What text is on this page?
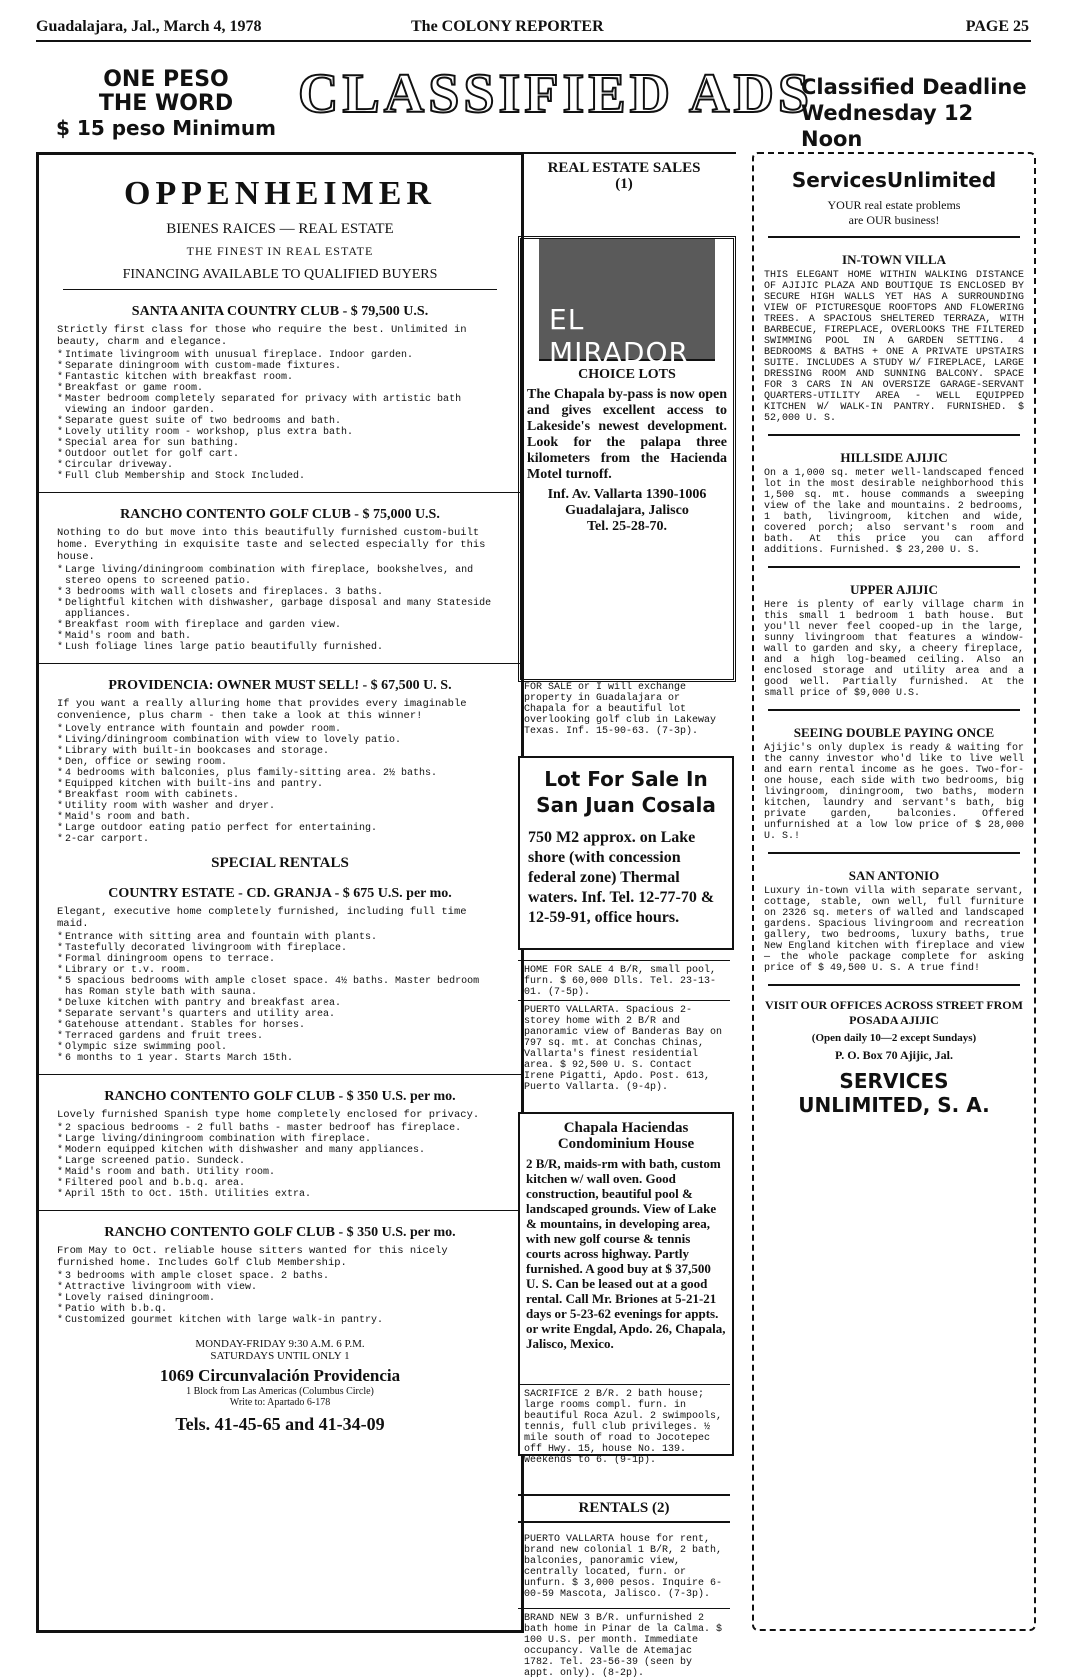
Guadalajara, Jal., March 4, 1978	The COLONY REPORTER	PAGE 25
ONE PESO
THE WORD
$ 15 peso Minimum
CLASSIFIED ADS
Classified Deadline
Wednesday 12 Noon
OPPENHEIMER
BIENES RAICES — REAL ESTATE
THE FINEST IN REAL ESTATE
FINANCING AVAILABLE TO QUALIFIED BUYERS
SANTA ANITA COUNTRY CLUB - $ 79,500 U.S.
Strictly first class for those who require the best. Unlimited in beauty, charm and elegance.
* Intimate livingroom with unusual fireplace. Indoor garden.
* Separate diningroom with custom-made fixtures.
* Fantastic kitchen with breakfast room.
* Breakfast or game room.
* Master bedroom completely separated for privacy with artistic bath viewing an indoor garden.
* Separate guest suite of two bedrooms and bath.
* Lovely utility room - workshop, plus extra bath.
* Special area for sun bathing.
* Outdoor outlet for golf cart.
* Circular driveway.
* Full Club Membership and Stock Included.
RANCHO CONTENTO GOLF CLUB - $ 75,000 U.S.
Nothing to do but move into this beautifully furnished custom-built home. Everything in exquisite taste and selected especially for this house.
* Large living/diningroom combination with fireplace, bookshelves, and stereo opens to screened patio.
* 3 bedrooms with wall closets and fireplaces. 3 baths.
* Delightful kitchen with dishwasher, garbage disposal and many Stateside appliances.
* Breakfast room with fireplace and garden view.
* Maid's room and bath.
* Lush foliage lines large patio beautifully furnished.
PROVIDENCIA: OWNER MUST SELL! - $ 67,500 U. S.
If you want a really alluring home that provides every imaginable convenience, plus charm - then take a look at this winner!
* Lovely entrance with fountain and powder room.
* Living/diningroom combination with view to lovely patio.
* Library with built-in bookcases and storage.
* Den, office or sewing room.
* 4 bedrooms with balconies, plus family-sitting area. 2½ baths.
* Equipped kitchen with built-ins and pantry.
* Breakfast room with cabinets.
* Utility room with washer and dryer.
* Maid's room and bath.
* Large outdoor eating patio perfect for entertaining.
* 2-car carport.
SPECIAL RENTALS
COUNTRY ESTATE - CD. GRANJA - $ 675 U.S. per mo.
Elegant, executive home completely furnished, including full time maid.
* Entrance with sitting area and fountain with plants.
* Tastefully decorated livingroom with fireplace.
* Formal diningroom opens to terrace.
* Library or t.v. room.
* 5 spacious bedrooms with ample closet space. 4½ baths. Master bedroom has Roman style bath with sauna.
* Deluxe kitchen with pantry and breakfast area.
* Separate servant's quarters and utility area.
* Gatehouse attendant. Stables for horses.
* Terraced gardens and fruit trees.
* Olympic size swimming pool.
* 6 months to 1 year. Starts March 15th.
RANCHO CONTENTO GOLF CLUB - $ 350 U.S. per mo.
Lovely furnished Spanish type home completely enclosed for privacy.
* 2 spacious bedrooms - 2 full baths - master bedroof has fireplace.
* Large living/diningroom combination with fireplace.
* Modern equipped kitchen with dishwasher and many appliances.
* Large screened patio. Sundeck.
* Maid's room and bath. Utility room.
* Filtered pool and b.b.q. area.
* April 15th to Oct. 15th. Utilities extra.
RANCHO CONTENTO GOLF CLUB - $ 350 U.S. per mo.
From May to Oct. reliable house sitters wanted for this nicely furnished home. Includes Golf Club Membership.
* 3 bedrooms with ample closet space. 2 baths.
* Attractive livingroom with view.
* Lovely raised diningroom.
* Patio with b.b.q.
* Customized gourmet kitchen with large walk-in pantry.
MONDAY-FRIDAY 9:30 A.M. 6 P.M.
SATURDAYS UNTIL ONLY 1
1069 Circunvalación Providencia
1 Block from Las Americas (Columbus Circle)
Write to: Apartado 6-178
Tels. 41-45-65 and 41-34-09
REAL ESTATE SALES
(1)
EL MIRADOR
CHOICE LOTS
The Chapala by-pass is now open and gives excellent access to Lakeside's newest development. Look for the palapa three kilometers from the Hacienda Motel turnoff.
Inf. Av. Vallarta 1390-1006
Guadalajara, Jalisco
Tel. 25-28-70.
FOR SALE or I will exchange property in Guadalajara or Chapala for a beautiful lot overlooking golf club in Lakeway Texas. Inf. 15-90-63. (7-3p).
Lot For Sale In
San Juan Cosala
750 M2 approx. on Lake shore (with concession federal zone) Thermal waters. Inf. Tel. 12-77-70 & 12-59-91, office hours.
HOME FOR SALE 4 B/R, small pool, furn. $ 60,000 Dlls. Tel. 23-13-01. (7-5p).
PUERTO VALLARTA. Spacious 2-storey home with 2 B/R and panoramic view of Banderas Bay on 797 sq. mt. at Conchas Chinas, Vallarta's finest residential area. $ 92,500 U. S. Contact Irene Pigatti, Apdo. Post. 613, Puerto Vallarta. (9-4p).
Chapala Haciendas
Condominium House
2 B/R, maids-rm with bath, custom kitchen w/ wall oven. Good construction, beautiful pool & landscaped grounds. View of Lake & mountains, in developing area, with new golf course & tennis courts across highway. Partly furnished. A good buy at $ 37,500 U. S. Can be leased out at a good rental. Call Mr. Briones at 5-21-21 days or 5-23-62 evenings for appts. or write Engdal, Apdo. 26, Chapala, Jalisco, Mexico.
SACRIFICE 2 B/R. 2 bath house; large rooms compl. furn. in beautiful Roca Azul. 2 swimpools, tennis, full club privileges. ½ mile south of road to Jocotepec off Hwy. 15, house No. 139. Weekends to 6. (9-1p).
RENTALS (2)
PUERTO VALLARTA house for rent, brand new colonial 1 B/R, 2 bath, balconies, panoramic view, centrally located, furn. or unfurn. $ 3,000 pesos. Inquire 6-00-59 Mascota, Jalisco. (7-3p).
BRAND NEW 3 B/R. unfurnished 2 bath home in Pinar de la Calma. $ 100 U.S. per month. Immediate occupancy. Valle de Atemajac 1782. Tel. 23-56-39 (seen by appt. only). (8-2p).
ServicesUnlimited
YOUR real estate problems
are OUR business!
IN-TOWN VILLA
THIS ELEGANT HOME WITHIN WALKING DISTANCE OF AJIJIC PLAZA AND BOUTIQUE IS ENCLOSED BY SECURE HIGH WALLS YET HAS A SURROUNDING VIEW OF PICTURESQUE ROOFTOPS AND FLOWERING TREES. A SPACIOUS SHELTERED TERRAZA, WITH BARBECUE, FIREPLACE, OVERLOOKS THE FILTERED SWIMMING POOL IN A GARDEN SETTING. 4 BEDROOMS & BATHS + ONE A PRIVATE UPSTAIRS SUITE. INCLUDES A STUDY W/ FIREPLACE, LARGE DRESSING ROOM AND SUNNING BALCONY. SPACE FOR 3 CARS IN AN OVERSIZE GARAGE-SERVANT QUARTERS-UTILITY AREA - WELL EQUIPPED KITCHEN W/ WALK-IN PANTRY. FURNISHED. $ 52,000 U. S.
HILLSIDE AJIJIC
On a 1,000 sq. meter well-landscaped fenced lot in the most desirable neighborhood this 1,500 sq. mt. house commands a sweeping view of the lake and mountains. 2 bedrooms, 1 bath, livingroom, kitchen and wide, covered porch; also servant's room and bath. At this price you can afford additions. Furnished. $ 23,200 U. S.
UPPER AJIJIC
Here is plenty of early village charm in this small 1 bedroom 1 bath house. But you'll never feel cooped-up in the large, sunny livingroom that features a window-wall to garden and sky, a cheery fireplace, and a high log-beamed ceiling. Also an enclosed storage and utility area and a good well. Partially furnished. At the small price of $9,000 U.S.
SEEING DOUBLE PAYING ONCE
Ajijic's only duplex is ready & waiting for the canny investor who'd like to live well and earn rental income as he goes. Two-for-one house, each side with two bedrooms, big livingroom, diningroom, two baths, modern kitchen, laundry and servant's bath, big private garden, balconies. Offered unfurnished at a low low price of $ 28,000 U. S.!
SAN ANTONIO
Luxury in-town villa with separate servant, cottage, stable, own well, full furniture on 2326 sq. meters of walled and landscaped gardens. Spacious livingroom and recreation gallery, two bedrooms, luxury baths, true New England kitchen with fireplace and view — the whole package complete for asking price of $ 49,500 U. S. A true find!
VISIT OUR OFFICES ACROSS STREET FROM POSADA AJIJIC
(Open daily 10—2 except Sundays)
P. O. Box 70 Ajijic, Jal.
SERVICES
UNLIMITED, S. A.
